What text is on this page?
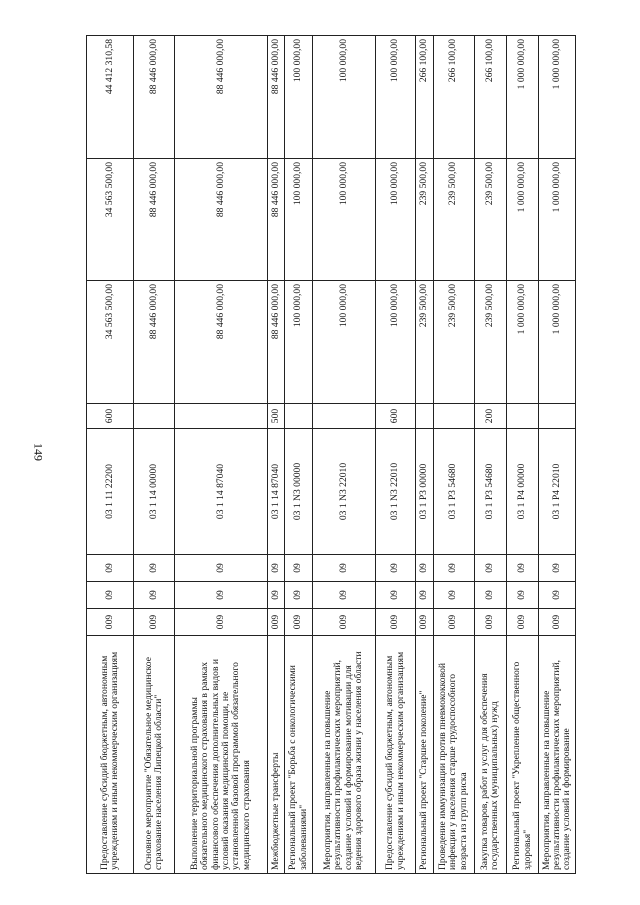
149
Предоставление субсидий бюджетным, автономным учреждениям и иным некоммерческим организациям	009	09	09	03 1 11 22200	600	34 563 500,00	34 563 500,00	44 412 310,58
Основное мероприятие "Обязательное медицинское страхование населения Липецкой области"	009	09	09	03 1 14 00000		88 446 000,00	88 446 000,00	88 446 000,00
Выполнение территориальной программы обязательного медицинского страхования в рамках финансового обеспечения дополнительных видов и условий оказания медицинской помощи, не установленной базовой программой обязательного медицинского страхования	009	09	09	03 1 14 87040		88 446 000,00	88 446 000,00	88 446 000,00
Межбюджетные трансферты	009	09	09	03 1 14 87040	500	88 446 000,00	88 446 000,00	88 446 000,00
Региональный проект "Борьба с онкологическими заболеваниями"	009	09	09	03 1 N3 00000		100 000,00	100 000,00	100 000,00
Мероприятия, направленные на повышение результативности профилактических мероприятий, создание условий и формирование мотивации для ведения здорового образа жизни у населения области	009	09	09	03 1 N3 22010		100 000,00	100 000,00	100 000,00
Предоставление субсидий бюджетным, автономным учреждениям и иным некоммерческим организациям	009	09	09	03 1 N3 22010	600	100 000,00	100 000,00	100 000,00
Региональный проект "Старшее поколение"	009	09	09	03 1 P3 00000		239 500,00	239 500,00	266 100,00
Проведение иммунизации против пневмококковой инфекции у населения старше трудоспособного возраста из групп риска	009	09	09	03 1 P3 54680		239 500,00	239 500,00	266 100,00
Закупка товаров, работ и услуг для обеспечения государственных (муниципальных) нужд	009	09	09	03 1 P3 54680	200	239 500,00	239 500,00	266 100,00
Региональный проект "Укрепление общественного здоровья"	009	09	09	03 1 P4 00000		1 000 000,00	1 000 000,00	1 000 000,00
Мероприятия, направленные на повышение результативности профилактических мероприятий, создание условий и формирование	009	09	09	03 1 P4 22010		1 000 000,00	1 000 000,00	1 000 000,00
